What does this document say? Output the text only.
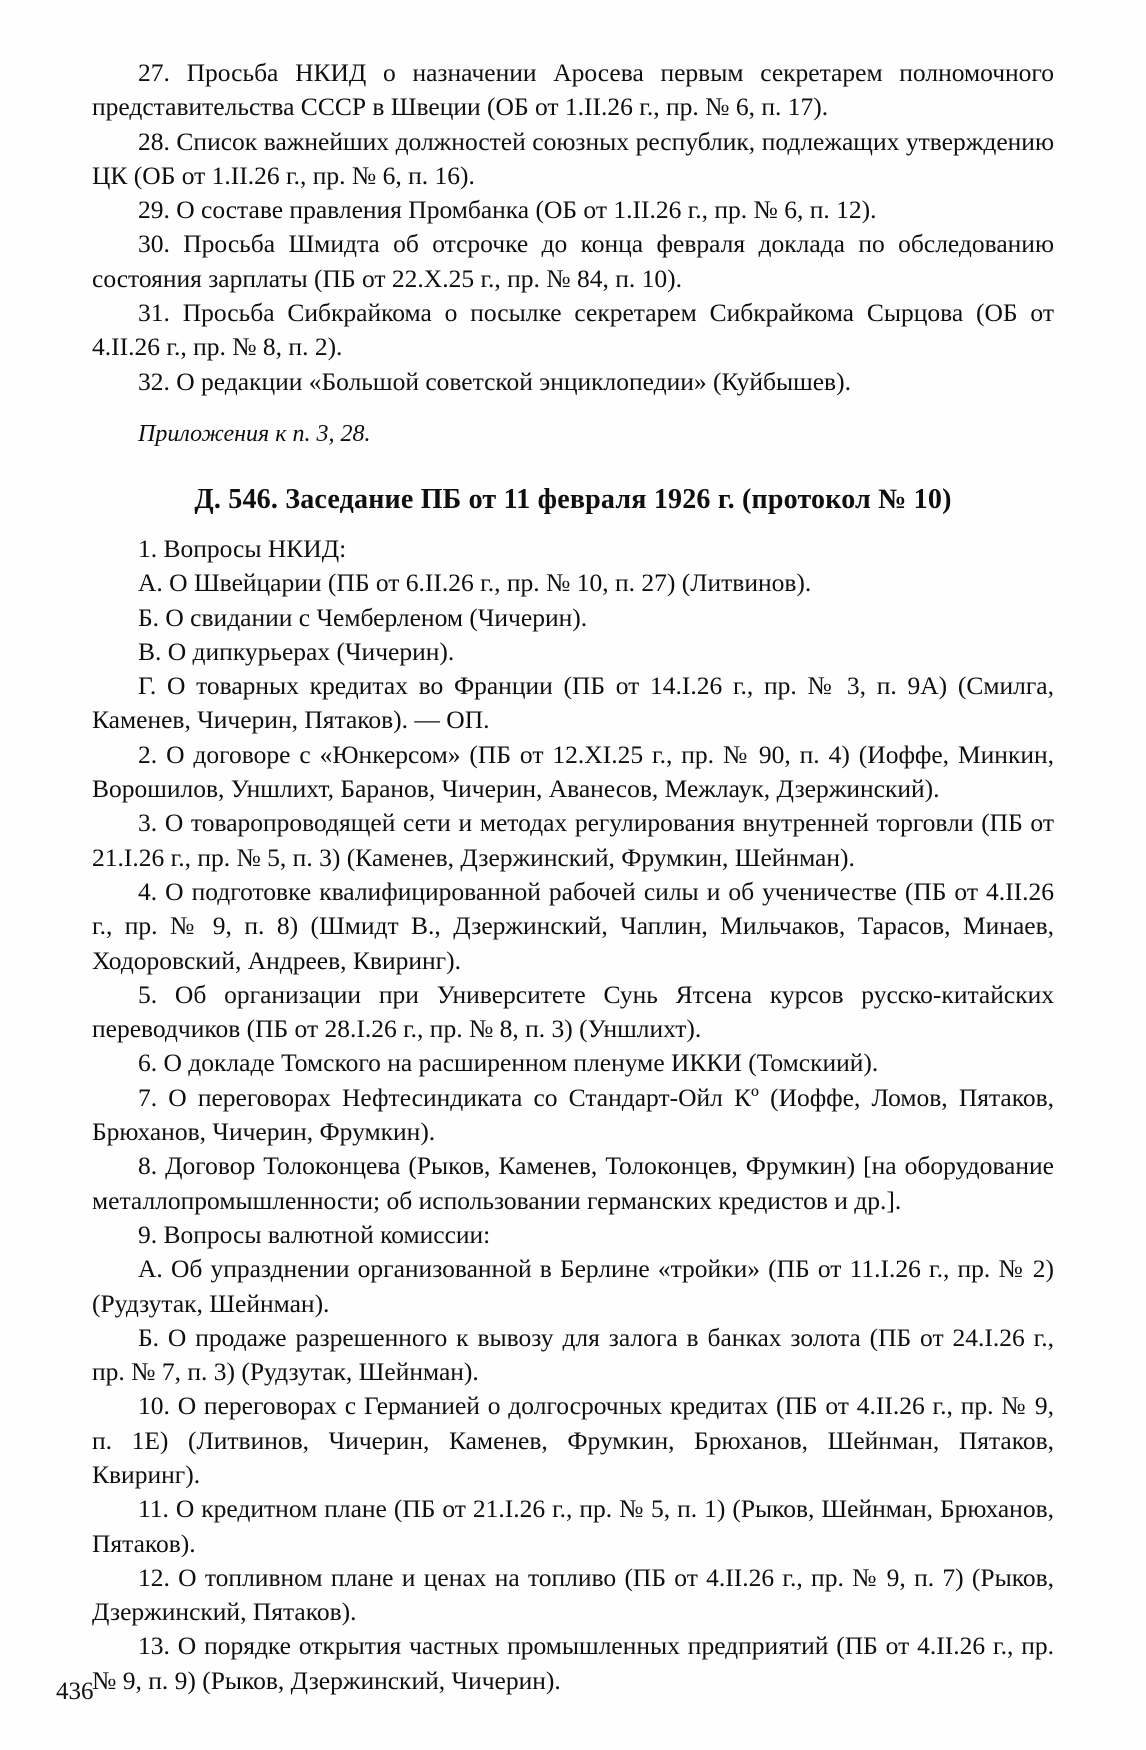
27. Просьба НКИД о назначении Аросева первым секретарем полномочного представительства СССР в Швеции (ОБ от 1.II.26 г., пр. № 6, п. 17).

28. Список важнейших должностей союзных республик, подлежащих утверждению ЦК (ОБ от 1.II.26 г., пр. № 6, п. 16).

29. О составе правления Промбанка (ОБ от 1.II.26 г., пр. № 6, п. 12).

30. Просьба Шмидта об отсрочке до конца февраля доклада по обследованию состояния зарплаты (ПБ от 22.X.25 г., пр. № 84, п. 10).

31. Просьба Сибкрайкома о посылке секретарем Сибкрайкома Сырцова (ОБ от 4.II.26 г., пр. № 8, п. 2).

32. О редакции «Большой советской энциклопедии» (Куйбышев).

Приложения к п. 3, 28.

Д. 546. Заседание ПБ от 11 февраля 1926 г. (протокол № 10)

1. Вопросы НКИД:

А. О Швейцарии (ПБ от 6.II.26 г., пр. № 10, п. 27) (Литвинов).

Б. О свидании с Чемберленом (Чичерин).

В. О дипкурьерах (Чичерин).

Г. О товарных кредитах во Франции (ПБ от 14.I.26 г., пр. № 3, п. 9А) (Смилга, Каменев, Чичерин, Пятаков). — ОП.

2. О договоре с «Юнкерсом» (ПБ от 12.XI.25 г., пр. № 90, п. 4) (Иоффе, Минкин, Ворошилов, Уншлихт, Баранов, Чичерин, Аванесов, Межлаук, Дзержинский).

3. О товаропроводящей сети и методах регулирования внутренней торговли (ПБ от 21.I.26 г., пр. № 5, п. 3) (Каменев, Дзержинский, Фрумкин, Шейнман).

4. О подготовке квалифицированной рабочей силы и об ученичестве (ПБ от 4.II.26 г., пр. № 9, п. 8) (Шмидт В., Дзержинский, Чаплин, Мильчаков, Тарасов, Минаев, Ходоровский, Андреев, Квиринг).

5. Об организации при Университете Сунь Ятсена курсов русско-китайских переводчиков (ПБ от 28.I.26 г., пр. № 8, п. 3) (Уншлихт).

6. О докладе Томского на расширенном пленуме ИККИ (Томскиий).

7. О переговорах Нефтесиндиката со Стандарт-Ойл Кº (Иоффе, Ломов, Пятаков, Брюханов, Чичерин, Фрумкин).

8. Договор Толоконцева (Рыков, Каменев, Толоконцев, Фрумкин) [на оборудование металлопромышленности; об использовании германских кредистов и др.].

9. Вопросы валютной комиссии:

А. Об упразднении организованной в Берлине «тройки» (ПБ от 11.I.26 г., пр. № 2) (Рудзутак, Шейнман).

Б. О продаже разрешенного к вывозу для залога в банках золота (ПБ от 24.I.26 г., пр. № 7, п. 3) (Рудзутак, Шейнман).

10. О переговорах с Германией о долгосрочных кредитах (ПБ от 4.II.26 г., пр. № 9, п. 1Е) (Литвинов, Чичерин, Каменев, Фрумкин, Брюханов, Шейнман, Пятаков, Квиринг).

11. О кредитном плане (ПБ от 21.I.26 г., пр. № 5, п. 1) (Рыков, Шейнман, Брюханов, Пятаков).

12. О топливном плане и ценах на топливо (ПБ от 4.II.26 г., пр. № 9, п. 7) (Рыков, Дзержинский, Пятаков).

13. О порядке открытия частных промышленных предприятий (ПБ от 4.II.26 г., пр. № 9, п. 9) (Рыков, Дзержинский, Чичерин).

436
